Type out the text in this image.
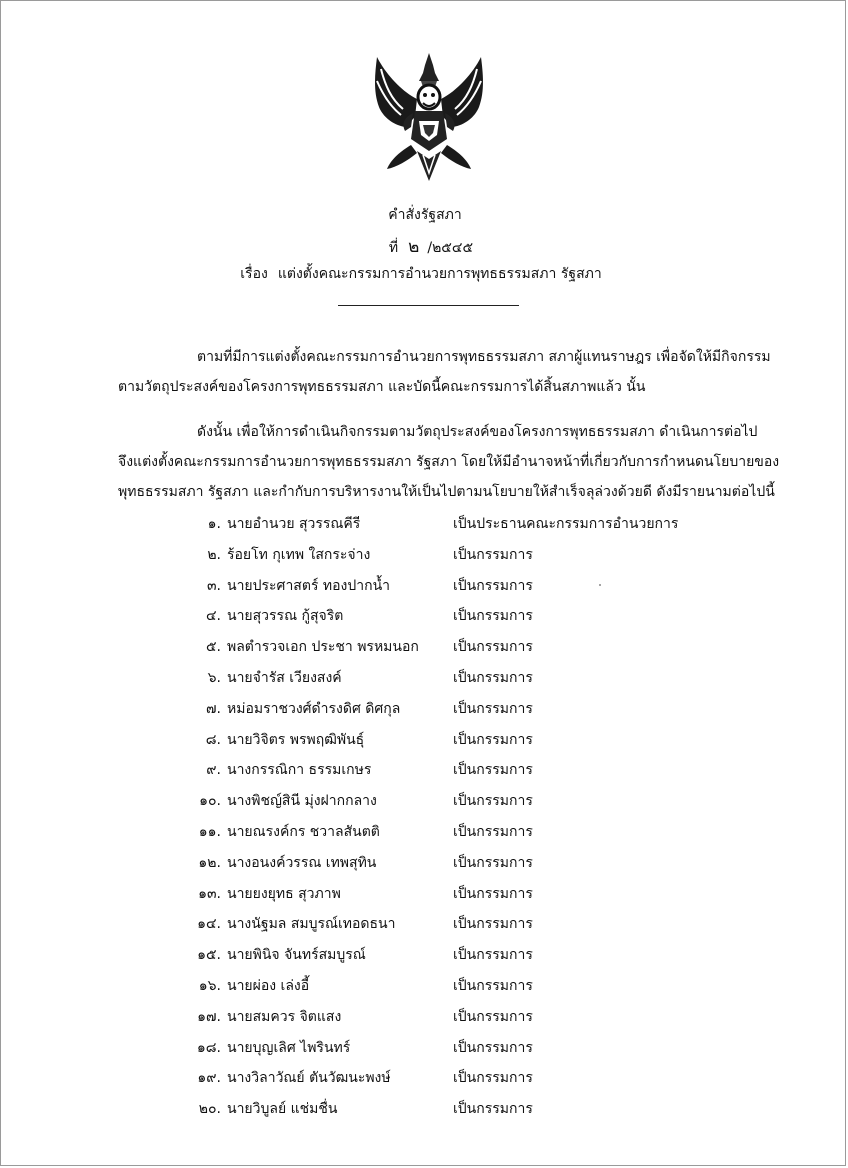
คำสั่งรัฐสภา
ที่ ๒ /๒๕๔๕
เรื่อง แต่งตั้งคณะกรรมการอำนวยการพุทธธรรมสภา รัฐสภา
ตามที่มีการแต่งตั้งคณะกรรมการอำนวยการพุทธธรรมสภา สภาผู้แทนราษฎร เพื่อจัดให้มีกิจกรรม
ตามวัตถุประสงค์ของโครงการพุทธธรรมสภา และบัดนี้คณะกรรมการได้สิ้นสภาพแล้ว นั้น
ดังนั้น เพื่อให้การดำเนินกิจกรรมตามวัตถุประสงค์ของโครงการพุทธธรรมสภา ดำเนินการต่อไป
จึงแต่งตั้งคณะกรรมการอำนวยการพุทธธรรมสภา รัฐสภา โดยให้มีอำนาจหน้าที่เกี่ยวกับการกำหนดนโยบายของ
พุทธธรรมสภา รัฐสภา และกำกับการบริหารงานให้เป็นไปตามนโยบายให้สำเร็จลุล่วงด้วยดี ดังมีรายนามต่อไปนี้
๑. นายอำนวย สุวรรณคีรี	เป็นประธานคณะกรรมการอำนวยการ
๒. ร้อยโท กุเทพ ใสกระจ่าง	เป็นกรรมการ
๓. นายประศาสตร์ ทองปากน้ำ	เป็นกรรมการ
๔. นายสุวรรณ กู้สุจริต	เป็นกรรมการ
๕. พลตำรวจเอก ประชา พรหมนอก เป็นกรรมการ
๖. นายจำรัส เวียงสงค์	เป็นกรรมการ
๗. หม่อมราชวงศ์ดำรงดิศ ดิศกุล	เป็นกรรมการ
๘. นายวิจิตร พรพฤฒิพันธุ์	เป็นกรรมการ
๙. นางกรรณิกา ธรรมเกษร	เป็นกรรมการ
๑๐. นางพิชญ์สินี มุ่งฝากกลาง	เป็นกรรมการ
๑๑. นายณรงค์กร ชวาลสันตติ	เป็นกรรมการ
๑๒. นางอนงค์วรรณ เทพสุทิน	เป็นกรรมการ
๑๓. นายยงยุทธ สุวภาพ	เป็นกรรมการ
๑๔. นางนัฐมล สมบูรณ์เทอดธนา	เป็นกรรมการ
๑๕. นายพินิจ จันทร์สมบูรณ์	เป็นกรรมการ
๑๖. นายผ่อง เล่งอี้	เป็นกรรมการ
๑๗. นายสมควร จิตแสง	เป็นกรรมการ
๑๘. นายบุญเลิศ ไพรินทร์	เป็นกรรมการ
๑๙. นางวิลาวัณย์ ตันวัฒนะพงษ์	เป็นกรรมการ
๒๐. นายวิบูลย์ แช่มชื่น	เป็นกรรมการ
